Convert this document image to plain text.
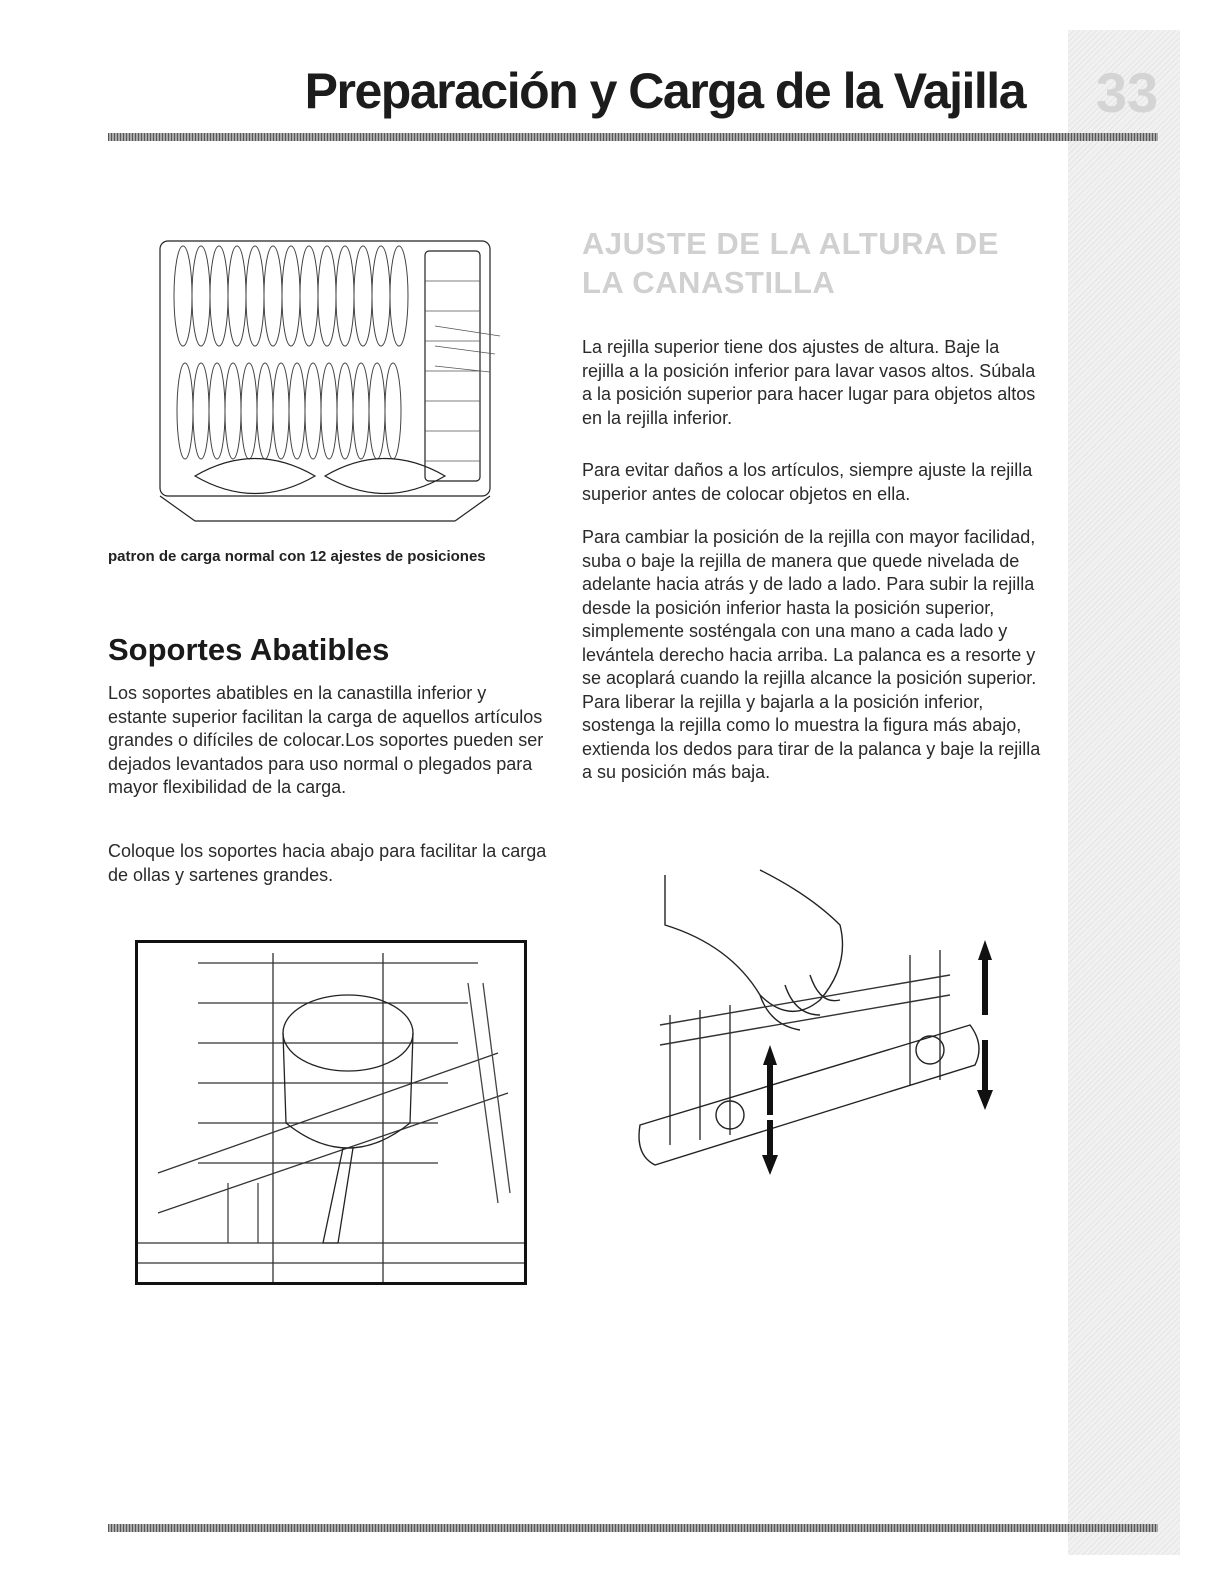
Preparación y Carga de la Vajilla 33

patron de carga normal con 12 ajestes de posiciones

Soportes Abatibles

Los soportes abatibles en la canastilla inferior y estante superior facilitan la carga de aquellos artículos grandes o difíciles de colocar.Los soportes pueden ser dejados levantados para uso normal o plegados para mayor flexibilidad de la carga.

Coloque los soportes hacia abajo para facilitar la carga de ollas y sartenes grandes.

AJUSTE DE LA ALTURA DE LA CANASTILLA

La rejilla superior tiene dos ajustes de altura. Baje la rejilla a la posición inferior para lavar vasos altos. Súbala a la posición superior para hacer lugar para objetos altos en la rejilla inferior.

Para evitar daños a los artículos, siempre ajuste la rejilla superior antes de colocar objetos en ella.

Para cambiar la posición de la rejilla con mayor facilidad, suba o baje la rejilla de manera que quede nivelada de adelante hacia atrás y de lado a lado. Para subir la rejilla desde la posición inferior hasta la posición superior, simplemente sosténgala con una mano a cada lado y levántela derecho hacia arriba. La palanca es a resorte y se acoplará cuando la rejilla alcance la posición superior. Para liberar la rejilla y bajarla a la posición inferior, sostenga la rejilla como lo muestra la figura más abajo, extienda los dedos para tirar de la palanca y baje la rejilla a su posición más baja.
